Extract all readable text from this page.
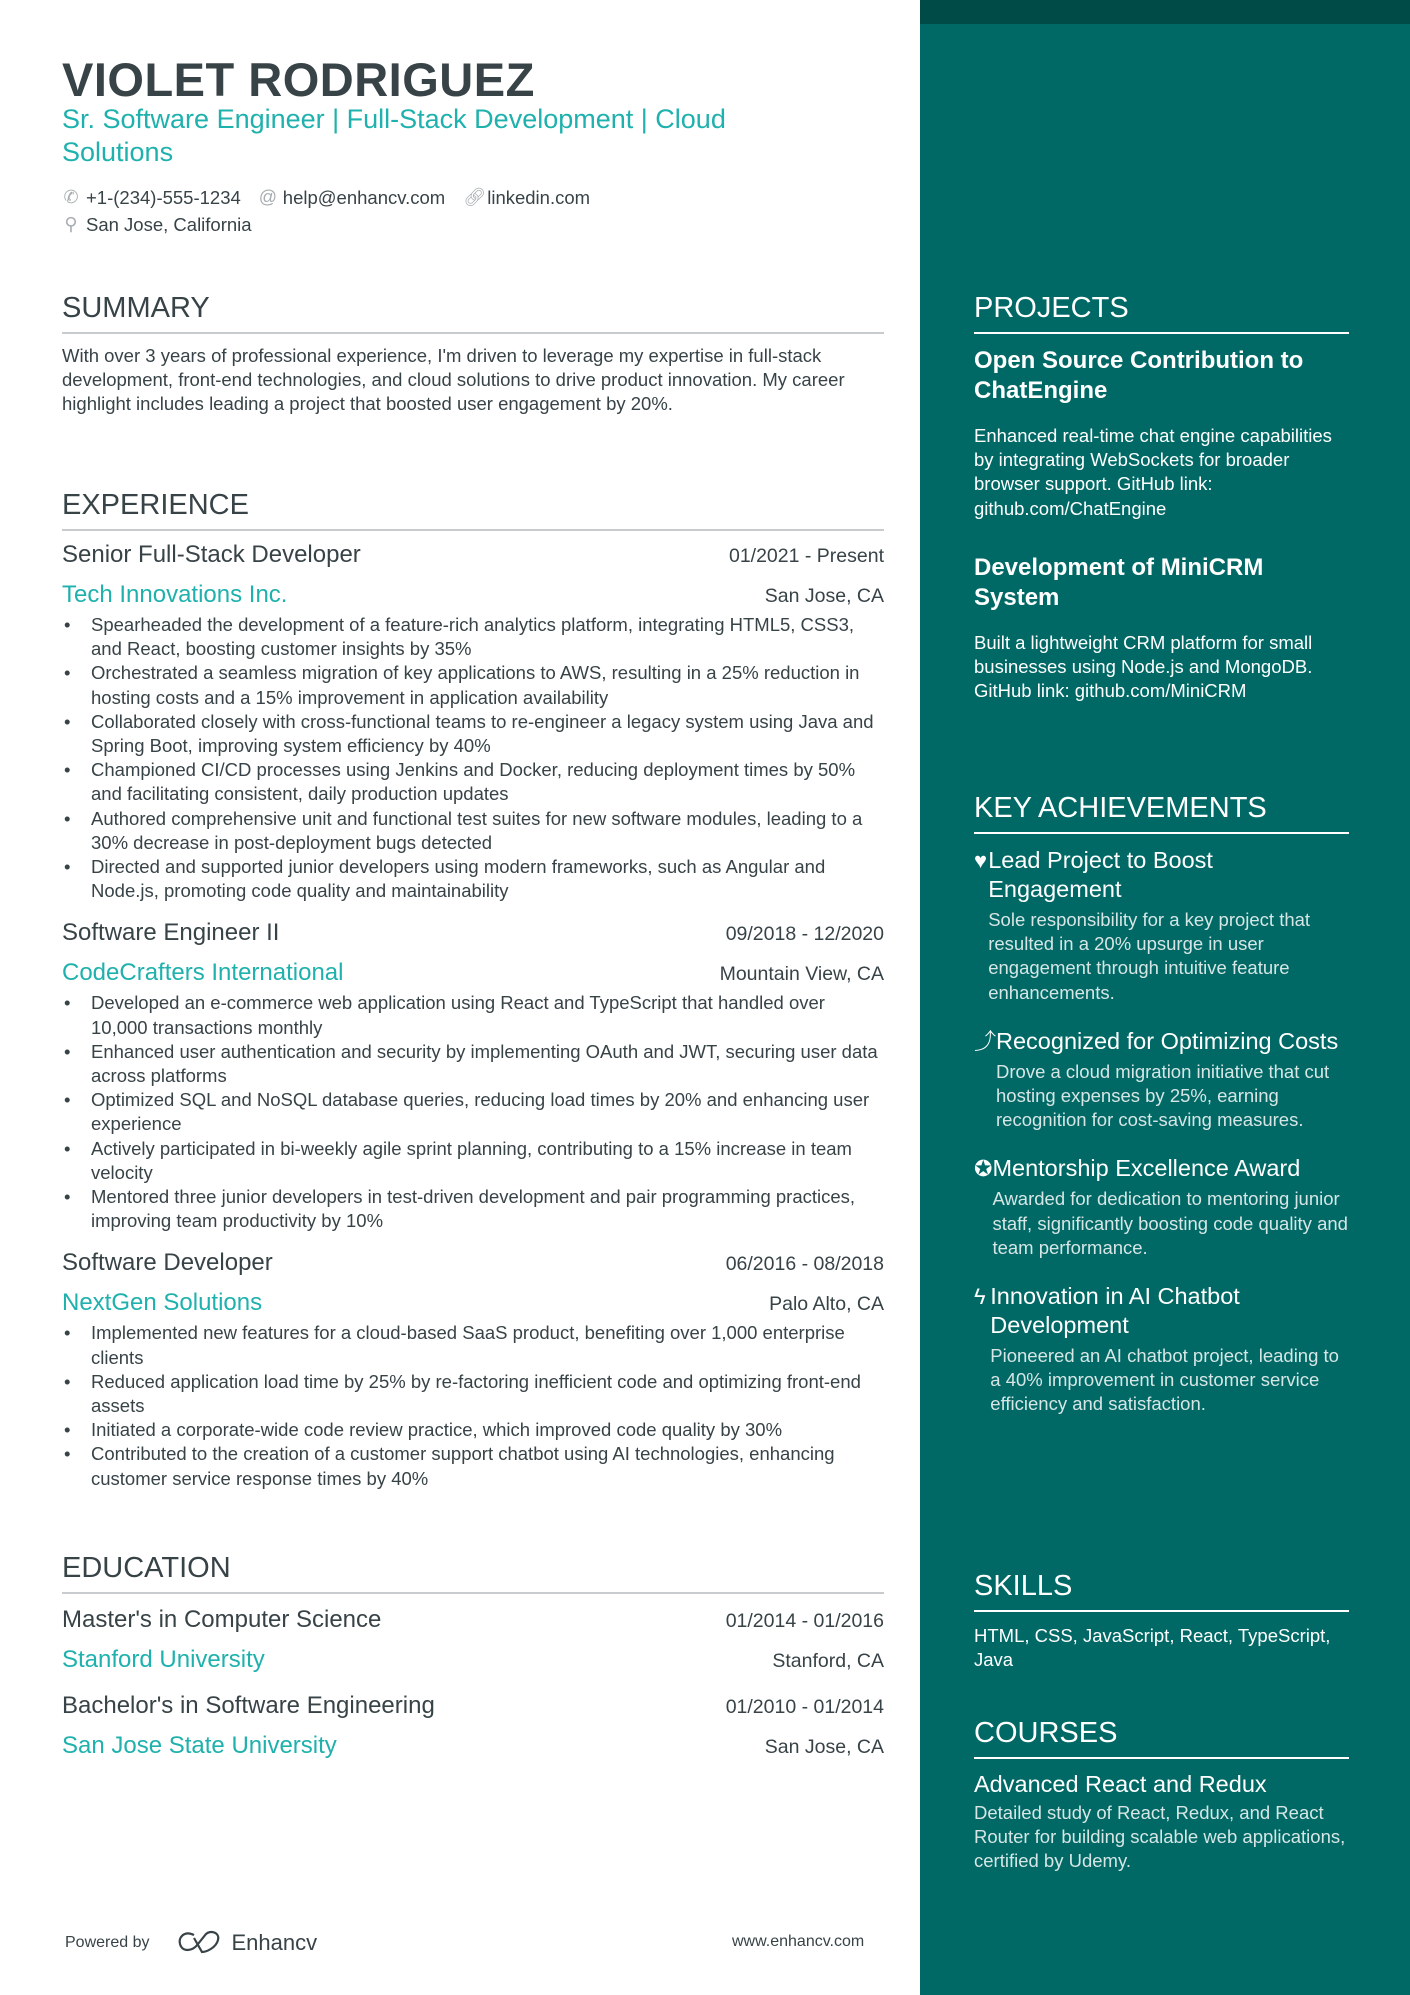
VIOLET RODRIGUEZ
Sr. Software Engineer | Full-Stack Development | Cloud Solutions
✆ +1-(234)-555-1234 @ help@enhancv.com 🔗︎ linkedin.com
⚲ San Jose, California
SUMMARY
With over 3 years of professional experience, I'm driven to leverage my expertise in full-stack development, front-end technologies, and cloud solutions to drive product innovation. My career highlight includes leading a project that boosted user engagement by 20%.
EXPERIENCE
Senior Full-Stack Developer	01/2021 - Present
Tech Innovations Inc.	San Jose, CA
• Spearheaded the development of a feature-rich analytics platform, integrating HTML5, CSS3, and React, boosting customer insights by 35%
• Orchestrated a seamless migration of key applications to AWS, resulting in a 25% reduction in hosting costs and a 15% improvement in application availability
• Collaborated closely with cross-functional teams to re-engineer a legacy system using Java and Spring Boot, improving system efficiency by 40%
• Championed CI/CD processes using Jenkins and Docker, reducing deployment times by 50% and facilitating consistent, daily production updates
• Authored comprehensive unit and functional test suites for new software modules, leading to a 30% decrease in post-deployment bugs detected
• Directed and supported junior developers using modern frameworks, such as Angular and Node.js, promoting code quality and maintainability
Software Engineer II	09/2018 - 12/2020
CodeCrafters International	Mountain View, CA
• Developed an e-commerce web application using React and TypeScript that handled over 10,000 transactions monthly
• Enhanced user authentication and security by implementing OAuth and JWT, securing user data across platforms
• Optimized SQL and NoSQL database queries, reducing load times by 20% and enhancing user experience
• Actively participated in bi-weekly agile sprint planning, contributing to a 15% increase in team velocity
• Mentored three junior developers in test-driven development and pair programming practices, improving team productivity by 10%
Software Developer	06/2016 - 08/2018
NextGen Solutions	Palo Alto, CA
• Implemented new features for a cloud-based SaaS product, benefiting over 1,000 enterprise clients
• Reduced application load time by 25% by re-factoring inefficient code and optimizing front-end assets
• Initiated a corporate-wide code review practice, which improved code quality by 30%
• Contributed to the creation of a customer support chatbot using AI technologies, enhancing customer service response times by 40%
EDUCATION
Master's in Computer Science	01/2014 - 01/2016
Stanford University	Stanford, CA
Bachelor's in Software Engineering	01/2010 - 01/2014
San Jose State University	San Jose, CA
Powered by	Enhancv	www.enhancv.com
PROJECTS
Open Source Contribution to ChatEngine
Enhanced real-time chat engine capabilities by integrating WebSockets for broader browser support. GitHub link: github.com/ChatEngine
Development of MiniCRM System
Built a lightweight CRM platform for small businesses using Node.js and MongoDB. GitHub link: github.com/MiniCRM
KEY ACHIEVEMENTS
♥ Lead Project to Boost Engagement
Sole responsibility for a key project that resulted in a 20% upsurge in user engagement through intuitive feature enhancements.
⤴ Recognized for Optimizing Costs
Drove a cloud migration initiative that cut hosting expenses by 25%, earning recognition for cost-saving measures.
✪ Mentorship Excellence Award
Awarded for dedication to mentoring junior staff, significantly boosting code quality and team performance.
ϟ Innovation in AI Chatbot Development
Pioneered an AI chatbot project, leading to a 40% improvement in customer service efficiency and satisfaction.
SKILLS
HTML, CSS, JavaScript, React, TypeScript, Java
COURSES
Advanced React and Redux
Detailed study of React, Redux, and React Router for building scalable web applications, certified by Udemy.
